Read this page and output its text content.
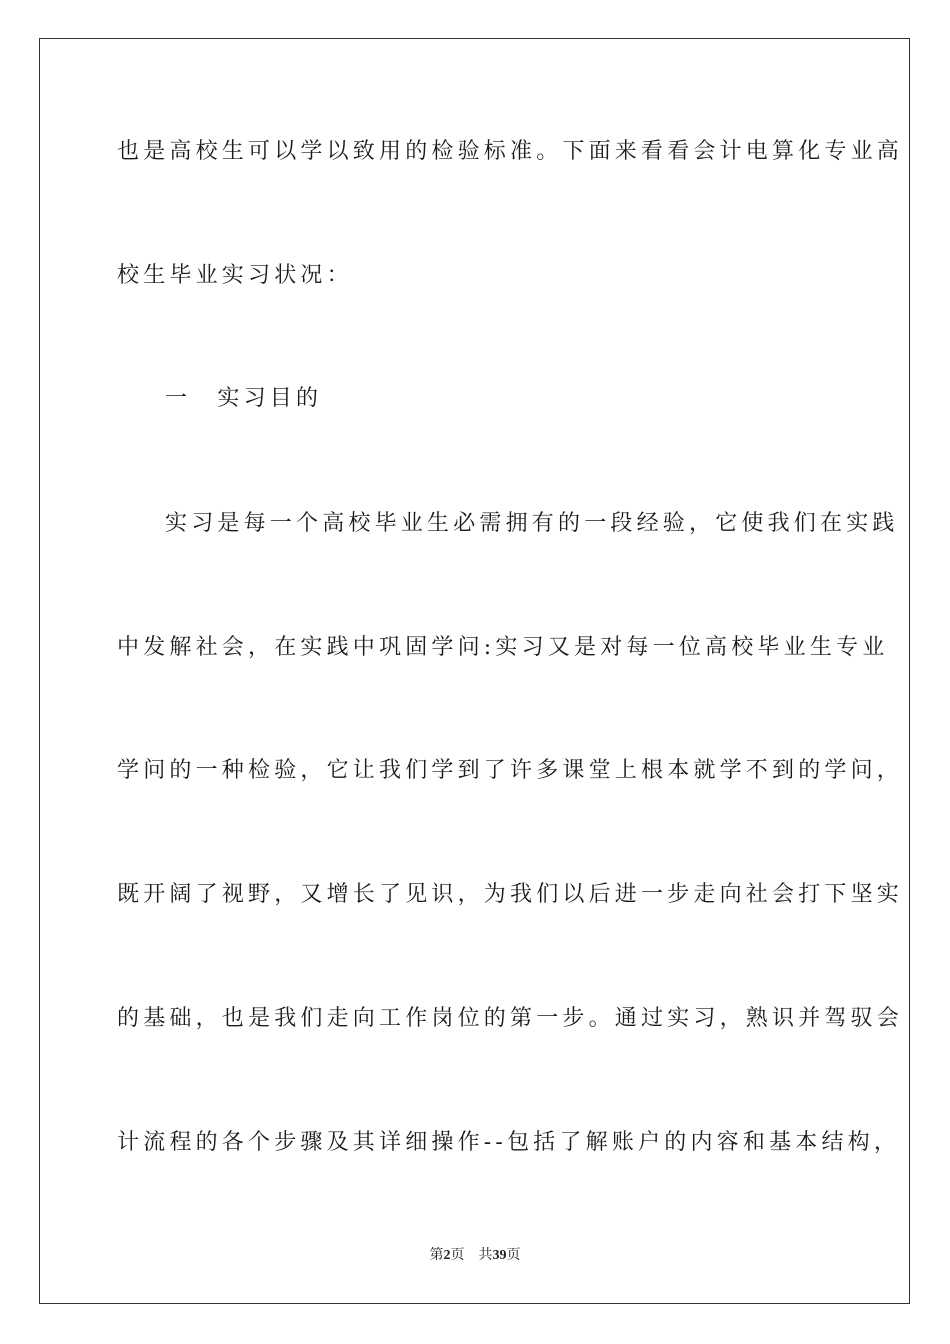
也是高校生可以学以致用的检验标准。下面来看看会计电算化专业高
校生毕业实习状况：
一　实习目的
实习是每一个高校毕业生必需拥有的一段经验，它使我们在实践
中发解社会，在实践中巩固学问:实习又是对每一位高校毕业生专业
学问的一种检验，它让我们学到了许多课堂上根本就学不到的学问，
既开阔了视野，又增长了见识，为我们以后进一步走向社会打下坚实
的基础，也是我们走向工作岗位的第一步。通过实习，熟识并驾驭会
计流程的各个步骤及其详细操作--包括了解账户的内容和基本结构，
第2页 共39页
